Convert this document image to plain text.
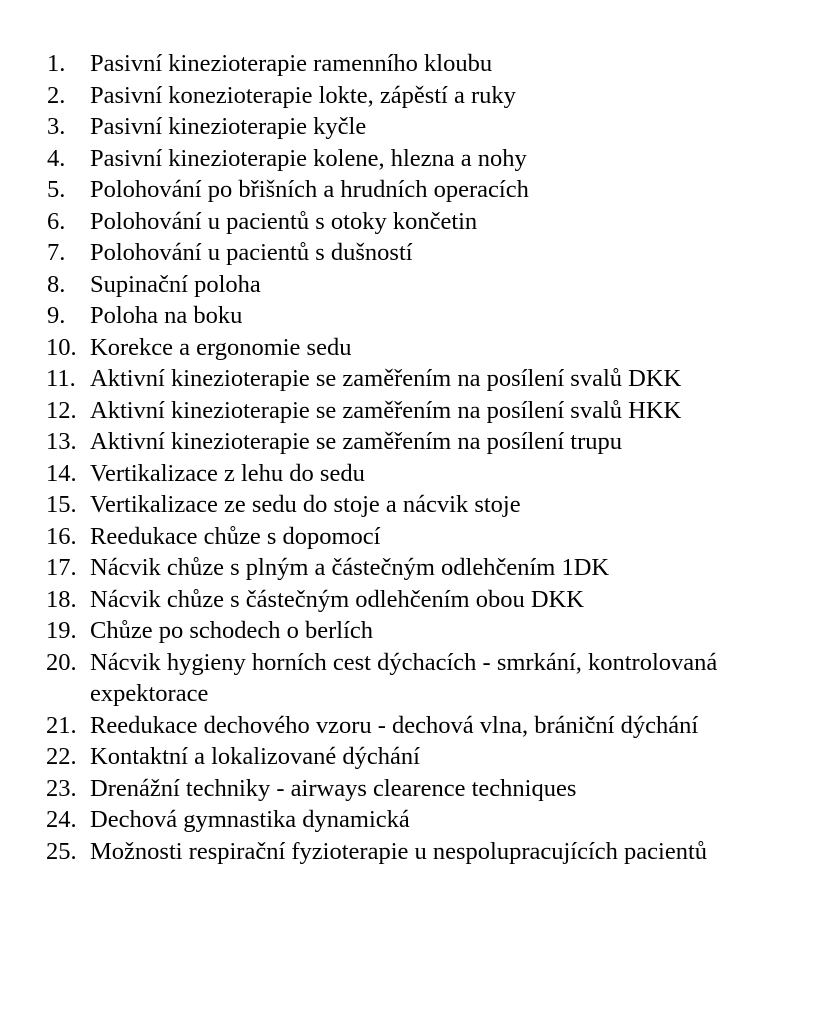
1.	Pasivní kinezioterapie ramenního kloubu
2.	Pasivní konezioterapie lokte, zápěstí a ruky
3.	Pasivní kinezioterapie kyčle
4.	Pasivní kinezioterapie kolene, hlezna a nohy
5.	Polohování po břišních a hrudních operacích
6.	Polohování u pacientů s otoky končetin
7.	Polohování u pacientů s dušností
8.	Supinační poloha
9.	Poloha na boku
10. Korekce a ergonomie sedu
11. Aktivní kinezioterapie se zaměřením na posílení svalů DKK
12. Aktivní kinezioterapie se zaměřením na posílení svalů HKK
13. Aktivní kinezioterapie se zaměřením na posílení trupu
14. Vertikalizace z lehu do sedu
15. Vertikalizace ze sedu do stoje a nácvik stoje
16. Reedukace chůze s dopomocí
17. Nácvik chůze s plným a částečným odlehčením 1DK
18. Nácvik chůze s částečným odlehčením obou DKK
19. Chůze po schodech o berlích
20. Nácvik hygieny horních cest dýchacích - smrkání, kontrolovaná expektorace
21. Reedukace dechového vzoru - dechová vlna, brániční dýchání
22. Kontaktní a lokalizované dýchání
23. Drenážní techniky - airways clearence techniques
24. Dechová gymnastika dynamická
25. Možnosti respirační fyzioterapie u nespolupracujících pacientů
